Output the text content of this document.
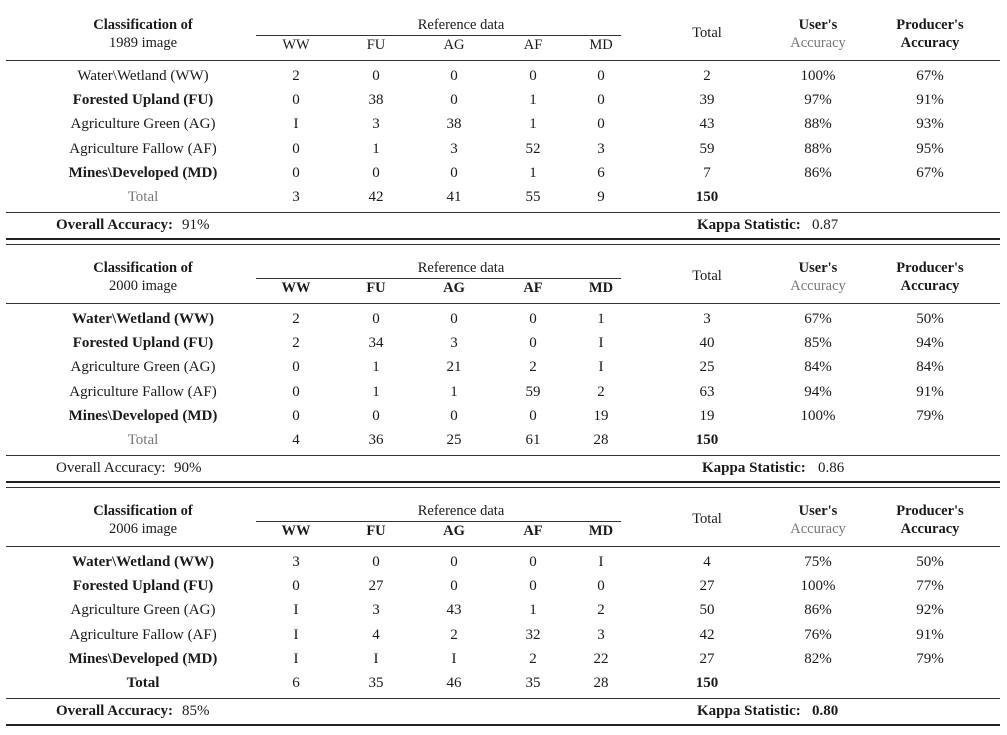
Classification of
1989 image
Reference data
WW	FU	AG	AF	MD
Total	User's
Accuracy
Producer's
Accuracy
Water\Wetland (WW)	2	0	0	0	0	2	100%	67%
Forested Upland (FU)	0	38	0	1	0	39	97%	91%
Agriculture Green (AG)	I	3	38	1	0	43	88%	93%
Agriculture Fallow (AF)	0	1	3	52	3	59	88%	95%
Mines\Developed (MD)	0	0	0	1	6	7	86%	67%
Total	3	42	41	55	9	150
Overall Accuracy: 91%	Kappa Statistic: 0.87
Classification of
2000 image
Reference data
WW	FU	AG	AF	MD
Total	User's
Accuracy
Producer's
Accuracy
Water\Wetland (WW)	2	0	0	0	1	3	67%	50%
Forested Upland (FU)	2	34	3	0	I	40	85%	94%
Agriculture Green (AG)	0	1	21	2	I	25	84%	84%
Agriculture Fallow (AF)	0	1	1	59	2	63	94%	91%
Mines\Developed (MD)	0	0	0	0	19	19	100%	79%
Total	4	36	25	61	28	150
Overall Accuracy: 90%	Kappa Statistic: 0.86
Classification of
2006 image
Reference data
WW	FU	AG	AF	MD
Total	User's
Accuracy
Producer's
Accuracy
Water\Wetland (WW)	3	0	0	0	I	4	75%	50%
Forested Upland (FU)	0	27	0	0	0	27	100%	77%
Agriculture Green (AG)	I	3	43	1	2	50	86%	92%
Agriculture Fallow (AF)	I	4	2	32	3	42	76%	91%
Mines\Developed (MD)	I	I	I	2	22	27	82%	79%
Total	6	35	46	35	28	150
Overall Accuracy: 85%	Kappa Statistic: 0.80
